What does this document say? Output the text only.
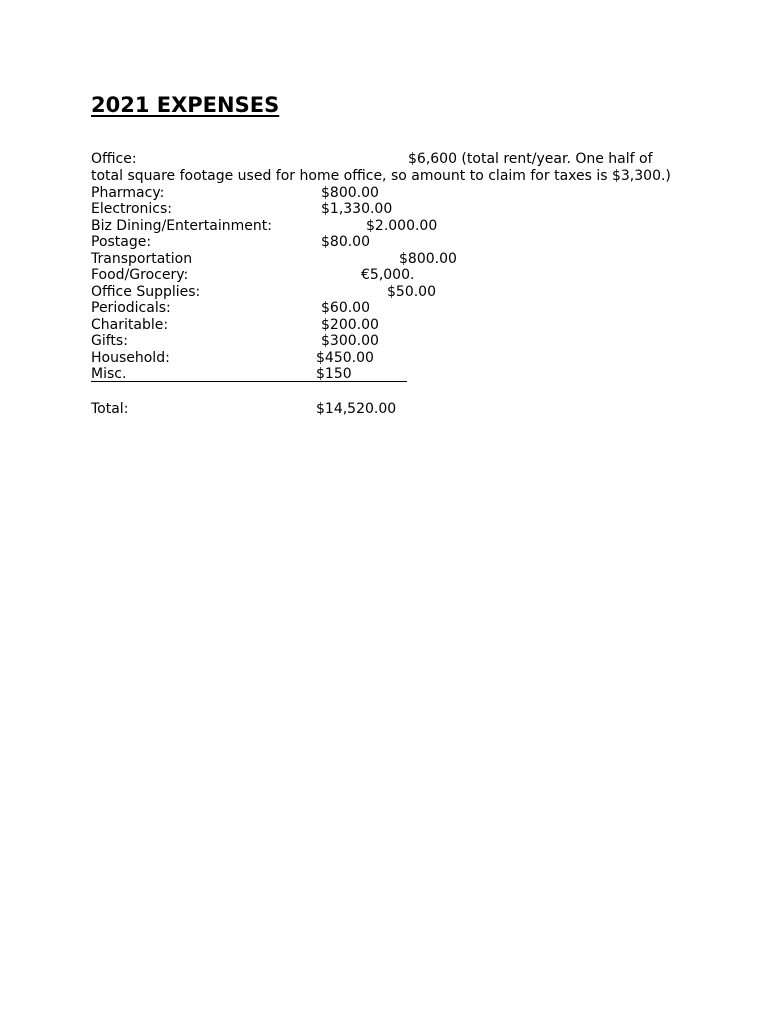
2021 EXPENSES
Office:	$6,600 (total rent/year. One half of
total square footage used for home office, so amount to claim for taxes is $3,300.)
Pharmacy:	$800.00
Electronics:	$1,330.00
Biz Dining/Entertainment:	$2.000.00
Postage:	$80.00
Transportation	$800.00
Food/Grocery:	€5,000.
Office Supplies:	$50.00
Periodicals:	$60.00
Charitable:	$200.00
Gifts:	$300.00
Household:	$450.00
Misc.	$150
Total:	$14,520.00
